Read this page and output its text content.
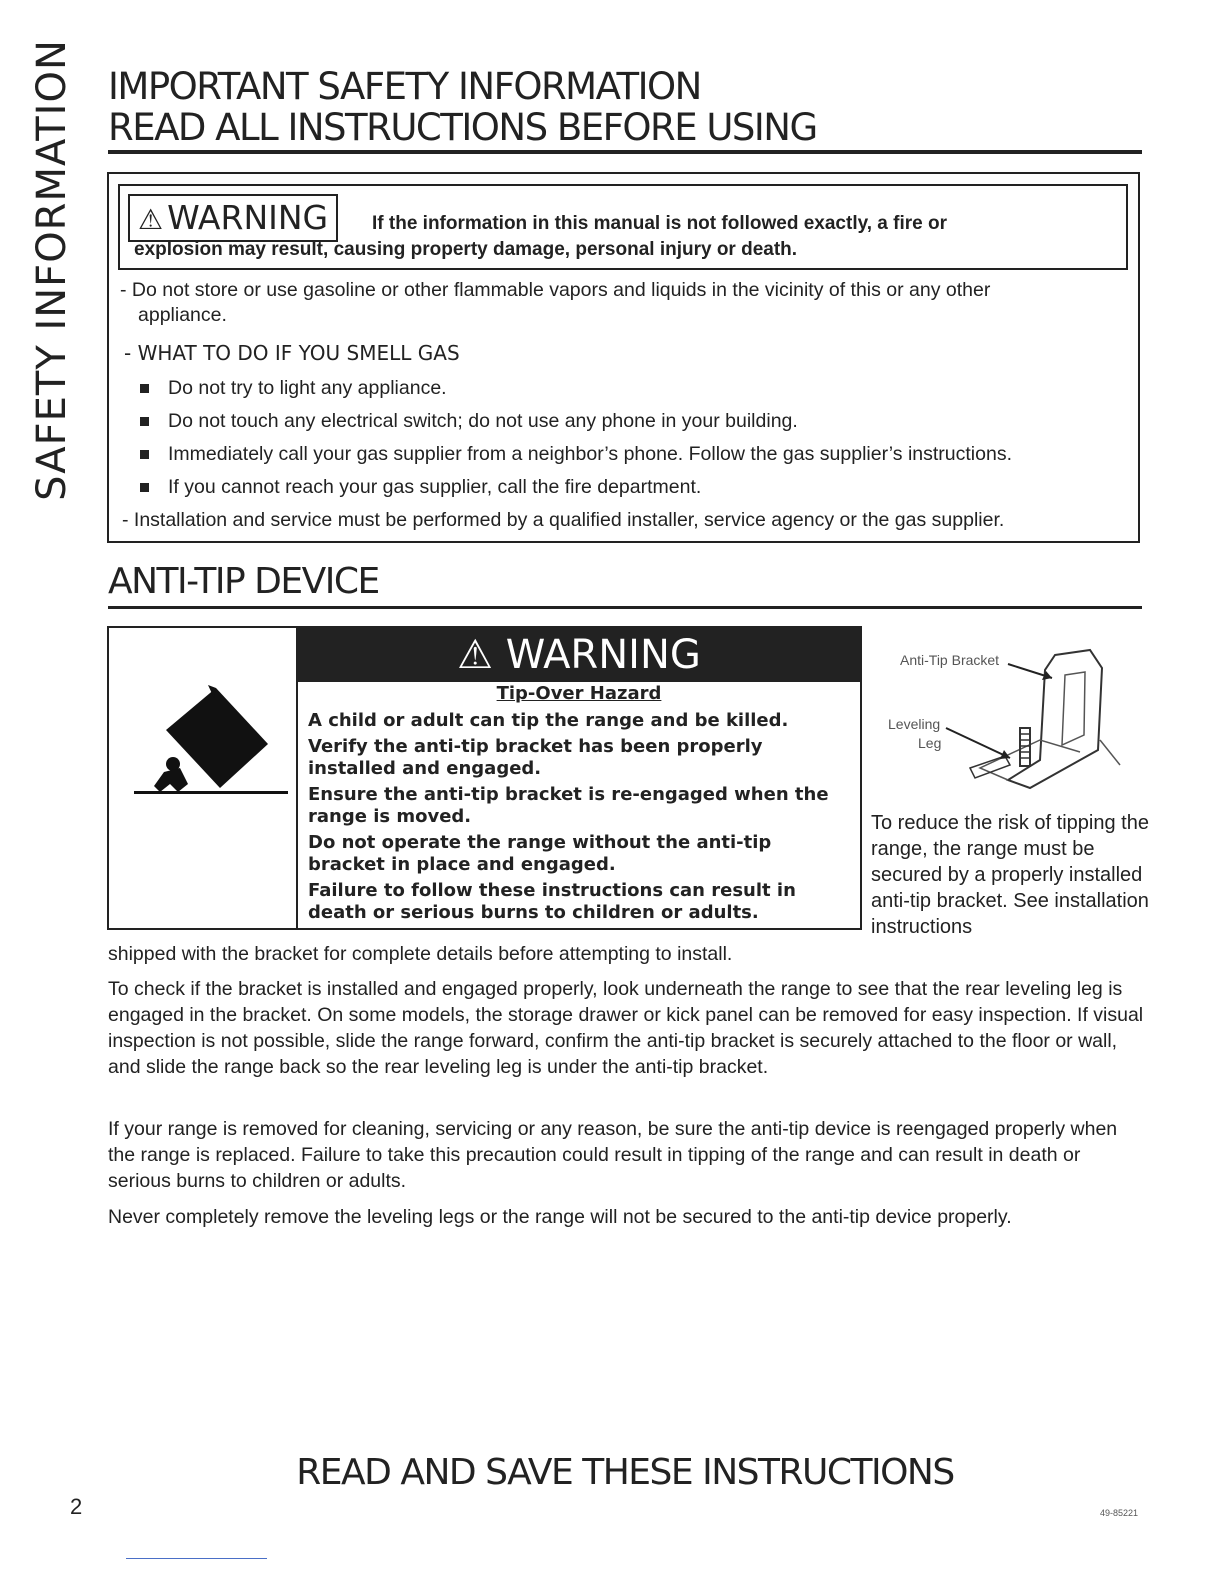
SAFETY INFORMATION IMPORTANT SAFETY INFORMATION
READ ALL INSTRUCTIONS BEFORE USING
⚠ WARNING	If the information in this manual is not followed exactly, a fire or
explosion may result, causing property damage, personal injury or death.
- Do not store or use gasoline or other flammable vapors and liquids in the vicinity of this or any other
appliance.
- WHAT TO DO IF YOU SMELL GAS
Do not try to light any appliance.
Do not touch any electrical switch; do not use any phone in your building.
Immediately call your gas supplier from a neighbor’s phone. Follow the gas supplier’s instructions.
If you cannot reach your gas supplier, call the fire department.
- Installation and service must be performed by a qualified installer, service agency or the gas supplier.
ANTI-TIP DEVICE
⚠ WARNING
Tip-Over Hazard
A child or adult can tip the range and be killed.
Verify the anti-tip bracket has been properly installed and engaged.
Ensure the anti-tip bracket is re-engaged when the range is moved.
Do not operate the range without the anti-tip bracket in place and engaged.
Failure to follow these instructions can result in death or serious burns to children or adults.
Anti-Tip Bracket
Leveling
Leg
To reduce the risk of tipping the range, the range must be secured by a properly installed anti-tip bracket. See installation instructions
shipped with the bracket for complete details before attempting to install.
To check if the bracket is installed and engaged properly, look underneath the range to see that the rear leveling leg is engaged in the bracket. On some models, the storage drawer or kick panel can be removed for easy inspection. If visual inspection is not possible, slide the range forward, confirm the anti-tip bracket is securely attached to the floor or wall, and slide the range back so the rear leveling leg is under the anti-tip bracket.
If your range is removed for cleaning, servicing or any reason, be sure the anti-tip device is reengaged properly when the range is replaced. Failure to take this precaution could result in tipping of the range and can result in death or serious burns to children or adults.
Never completely remove the leveling legs or the range will not be secured to the anti-tip device properly.
READ AND SAVE THESE INSTRUCTIONS
2	49-85221
